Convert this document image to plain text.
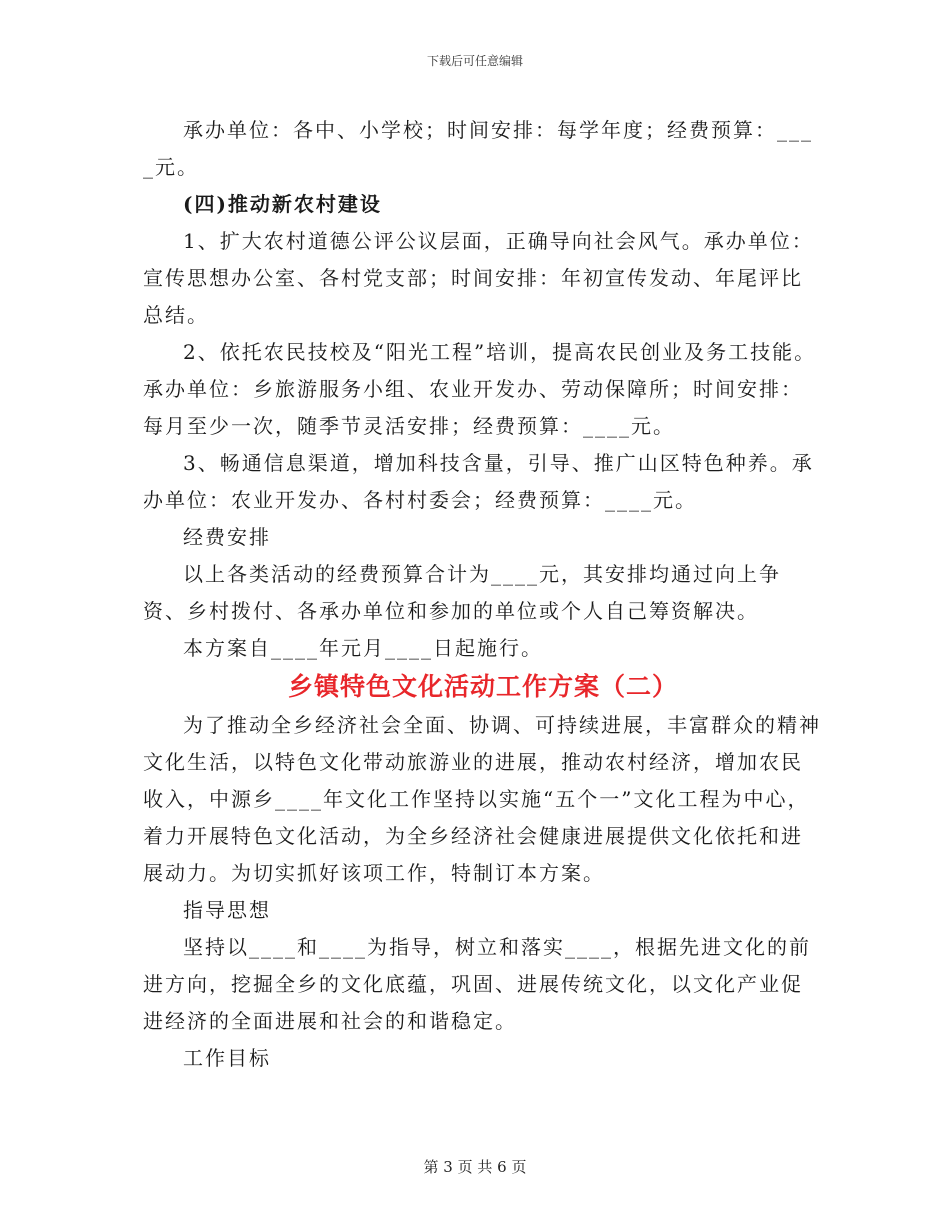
下载后可任意编辑

承办单位：各中、小学校；时间安排：每学年度；经费预算：____元。

(四)推动新农村建设

1、扩大农村道德公评公议层面，正确导向社会风气。承办单位：宣传思想办公室、各村党支部；时间安排：年初宣传发动、年尾评比总结。

2、依托农民技校及“阳光工程”培训，提高农民创业及务工技能。承办单位：乡旅游服务小组、农业开发办、劳动保障所；时间安排：每月至少一次，随季节灵活安排；经费预算：____元。

3、畅通信息渠道，增加科技含量，引导、推广山区特色种养。承办单位：农业开发办、各村村委会；经费预算：____元。

经费安排

以上各类活动的经费预算合计为____元，其安排均通过向上争资、乡村拨付、各承办单位和参加的单位或个人自己筹资解决。

本方案自____年元月____日起施行。

乡镇特色文化活动工作方案（二）

为了推动全乡经济社会全面、协调、可持续进展，丰富群众的精神文化生活，以特色文化带动旅游业的进展，推动农村经济，增加农民收入，中源乡____年文化工作坚持以实施“五个一”文化工程为中心，着力开展特色文化活动，为全乡经济社会健康进展提供文化依托和进展动力。为切实抓好该项工作，特制订本方案。

指导思想

坚持以____和____为指导，树立和落实____，根据先进文化的前进方向，挖掘全乡的文化底蕴，巩固、进展传统文化，以文化产业促进经济的全面进展和社会的和谐稳定。

工作目标

第 3 页 共 6 页
